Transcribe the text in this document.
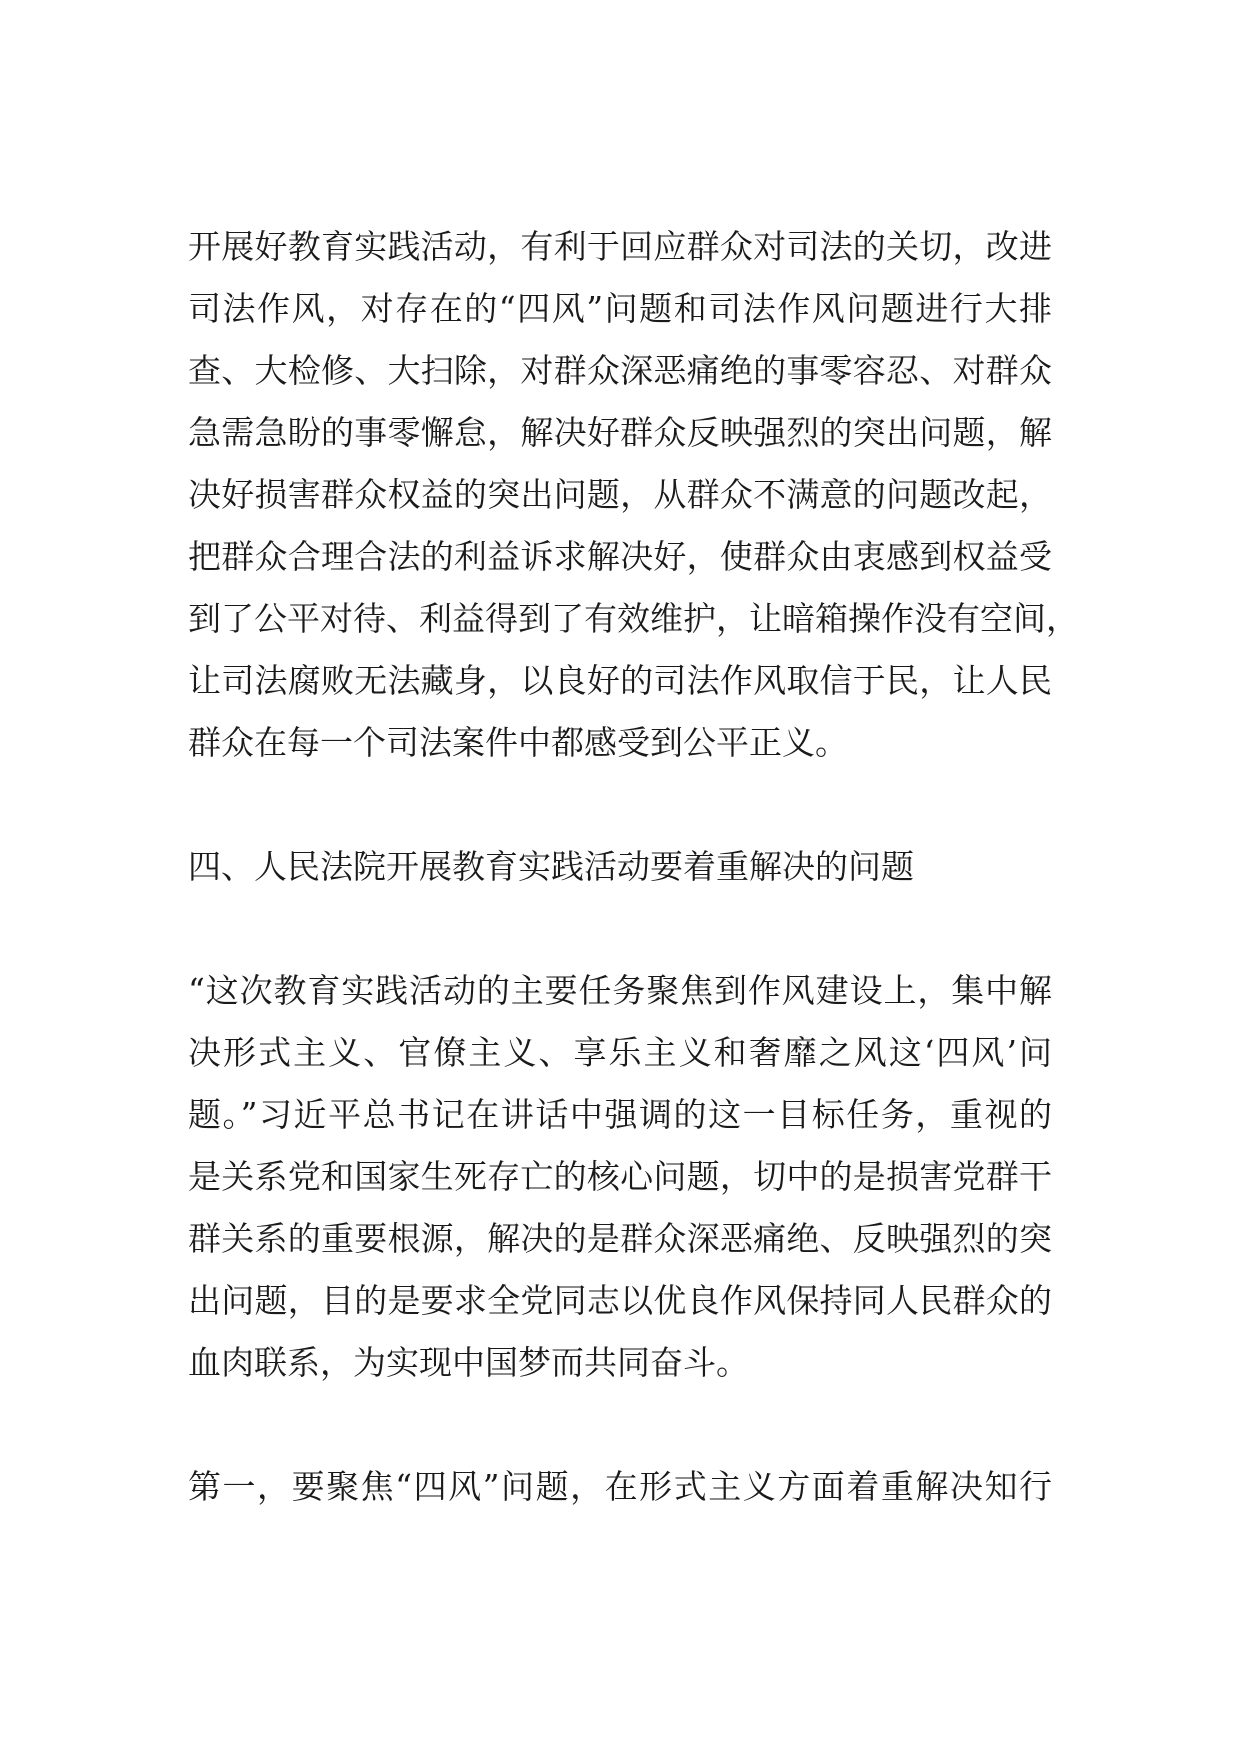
开展好教育实践活动，有利于回应群众对司法的关切，改进
司法作风，对存在的“四风”问题和司法作风问题进行大排
查、大检修、大扫除，对群众深恶痛绝的事零容忍、对群众
急需急盼的事零懈怠，解决好群众反映强烈的突出问题，解
决好损害群众权益的突出问题，从群众不满意的问题改起，
把群众合理合法的利益诉求解决好，使群众由衷感到权益受
到了公平对待、利益得到了有效维护，让暗箱操作没有空间，
让司法腐败无法藏身，以良好的司法作风取信于民，让人民
群众在每一个司法案件中都感受到公平正义。
四、人民法院开展教育实践活动要着重解决的问题
“这次教育实践活动的主要任务聚焦到作风建设上，集中解
决形式主义、官僚主义、享乐主义和奢靡之风这‘四风’问
题。”习近平总书记在讲话中强调的这一目标任务，重视的
是关系党和国家生死存亡的核心问题，切中的是损害党群干
群关系的重要根源，解决的是群众深恶痛绝、反映强烈的突
出问题，目的是要求全党同志以优良作风保持同人民群众的
血肉联系，为实现中国梦而共同奋斗。
第一，要聚焦“四风”问题，在形式主义方面着重解决知行
